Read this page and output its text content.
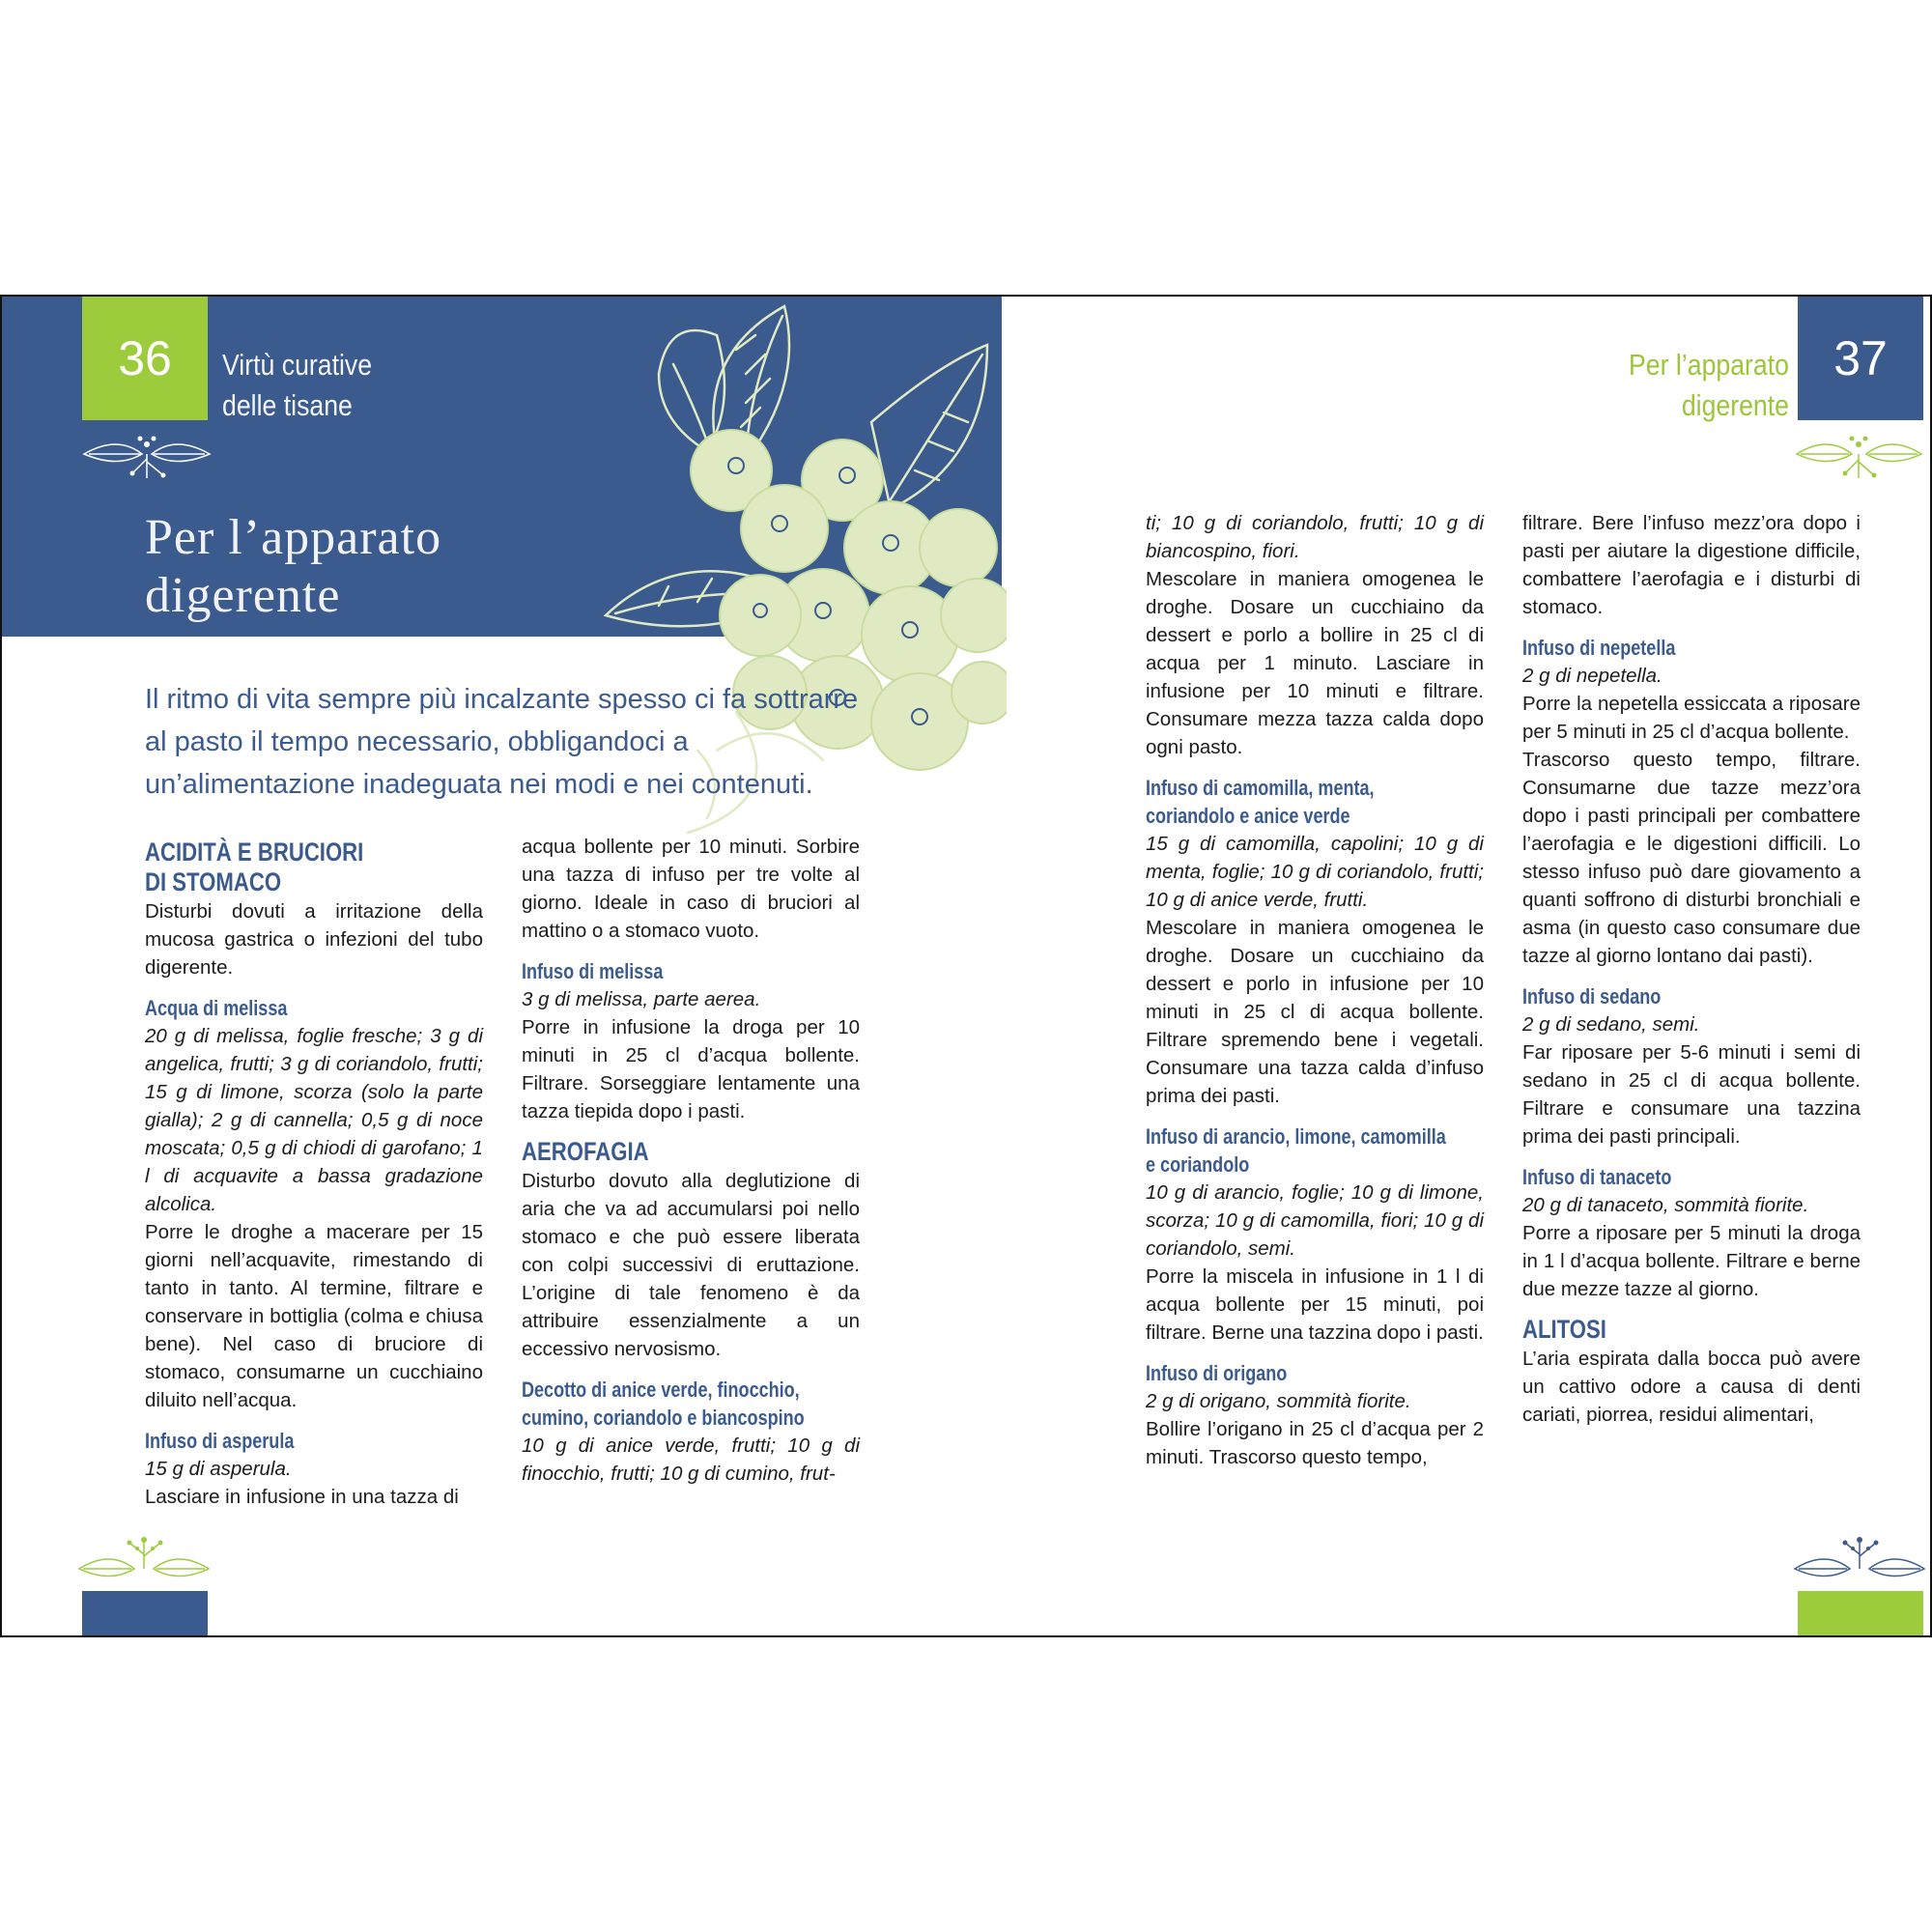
36	Virtù curative
delle tisane
Per l’apparato
digerente
Il ritmo di vita sempre più incalzante spesso ci fa sottrarre al pasto il tempo necessario, obbligandoci a un’alimentazione inadeguata nei modi e nei contenuti.
Per l’apparato
digerente
37
ACIDITÀ E BRUCIORI
DI STOMACO

Disturbi dovuti a irritazione della mucosa gastrica o infezioni del tubo digerente.

Acqua di melissa

20 g di melissa, foglie fresche; 3 g di angelica, frutti; 3 g di coriandolo, frutti; 15 g di limone, scorza (solo la parte gialla); 2 g di cannella; 0,5 g di noce moscata; 0,5 g di chiodi di garofano; 1 l di acquavite a bassa gradazione alcolica.

Porre le droghe a macerare per 15 giorni nell’acquavite, rimestando di tanto in tanto. Al termine, filtrare e conservare in bottiglia (colma e chiusa bene). Nel caso di bruciore di stomaco, consumarne un cucchiaino diluito nell’acqua.

Infuso di asperula

15 g di asperula.

Lasciare in infusione in una tazza di

acqua bollente per 10 minuti. Sorbire una tazza di infuso per tre volte al giorno. Ideale in caso di bruciori al mattino o a stomaco vuoto.

Infuso di melissa

3 g di melissa, parte aerea.

Porre in infusione la droga per 10 minuti in 25 cl d’acqua bollente. Filtrare. Sorseggiare lentamente una tazza tiepida dopo i pasti.

AEROFAGIA

Disturbo dovuto alla deglutizione di aria che va ad accumularsi poi nello stomaco e che può essere liberata con colpi successivi di eruttazione. L’origine di tale fenomeno è da attribuire essenzialmente a un eccessivo nervosismo.

Decotto di anice verde, finocchio,
cumino, coriandolo e biancospino

10 g di anice verde, frutti; 10 g di finocchio, frutti; 10 g di cumino, frut-

ti; 10 g di coriandolo, frutti; 10 g di biancospino, fiori.

Mescolare in maniera omogenea le droghe. Dosare un cucchiaino da dessert e porlo a bollire in 25 cl di acqua per 1 minuto. Lasciare in infusione per 10 minuti e filtrare. Consumare mezza tazza calda dopo ogni pasto.

Infuso di camomilla, menta,
coriandolo e anice verde

15 g di camomilla, capolini; 10 g di menta, foglie; 10 g di coriandolo, frutti; 10 g di anice verde, frutti.

Mescolare in maniera omogenea le droghe. Dosare un cucchiaino da dessert e porlo in infusione per 10 minuti in 25 cl di acqua bollente. Filtrare spremendo bene i vegetali. Consumare una tazza calda d’infuso prima dei pasti.

Infuso di arancio, limone, camomilla
e coriandolo

10 g di arancio, foglie; 10 g di limone, scorza; 10 g di camomilla, fiori; 10 g di coriandolo, semi.

Porre la miscela in infusione in 1 l di acqua bollente per 15 minuti, poi filtrare. Berne una tazzina dopo i pasti.

Infuso di origano

2 g di origano, sommità fiorite.

Bollire l’origano in 25 cl d’acqua per 2 minuti. Trascorso questo tempo,

filtrare. Bere l’infuso mezz’ora dopo i pasti per aiutare la digestione difficile, combattere l’aerofagia e i disturbi di stomaco.

Infuso di nepetella

2 g di nepetella.

Porre la nepetella essiccata a riposare per 5 minuti in 25 cl d’acqua bollente.

Trascorso questo tempo, filtrare. Consumarne due tazze mezz’ora dopo i pasti principali per combattere l’aerofagia e le digestioni difficili. Lo stesso infuso può dare giovamento a quanti soffrono di disturbi bronchiali e asma (in questo caso consumare due tazze al giorno lontano dai pasti).

Infuso di sedano

2 g di sedano, semi.

Far riposare per 5-6 minuti i semi di sedano in 25 cl di acqua bollente. Filtrare e consumare una tazzina prima dei pasti principali.

Infuso di tanaceto

20 g di tanaceto, sommità fiorite.

Porre a riposare per 5 minuti la droga in 1 l d’acqua bollente. Filtrare e berne due mezze tazze al giorno.

ALITOSI

L’aria espirata dalla bocca può avere un cattivo odore a causa di denti cariati, piorrea, residui alimentari,
